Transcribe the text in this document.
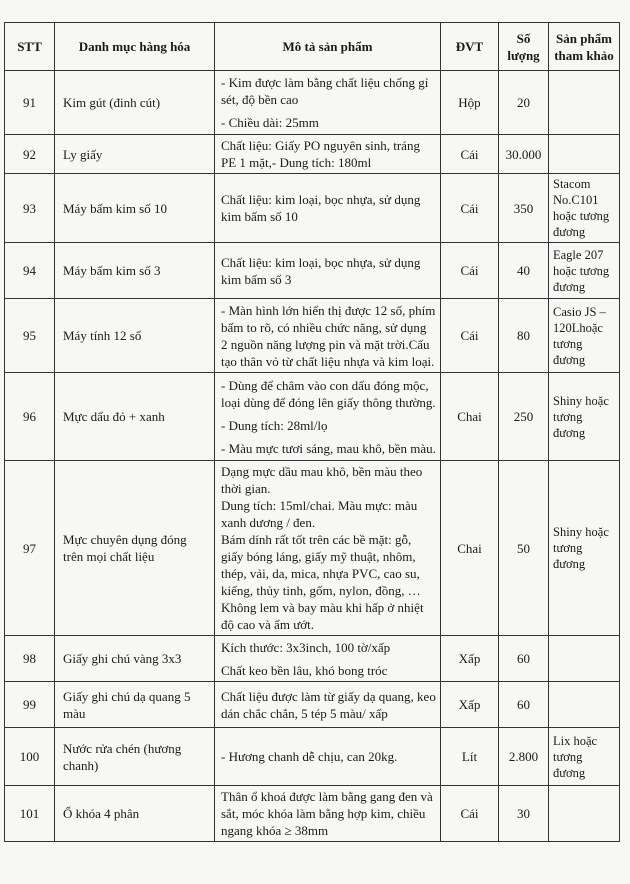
STT	Danh mục hàng hóa	Mô tả sản phẩm	ĐVT	Số
lượng	Sản phẩm
tham khảo

91	Kim gút (đinh cút)	- Kim được làm bằng chất liệu chống gỉ sét, độ bền cao
- Chiều dài: 25mm	Hộp	20	
92	Ly giấy	Chất liệu: Giấy PO nguyên sinh, tráng PE 1 mặt,- Dung tích: 180ml	Cái	30.000	
93	Máy bấm kim số 10	Chất liệu: kim loại, bọc nhựa, sử dụng kim bấm số 10	Cái	350	Stacom No.C101 hoặc tương đương
94	Máy bấm kim số 3	Chất liệu: kim loại, bọc nhựa, sử dụng kim bấm số 3	Cái	40	Eagle 207 hoặc tương đương
95	Máy tính 12 số	- Màn hình lớn hiển thị được 12 số, phím bấm to rõ, có nhiều chức năng, sử dụng 2 nguồn năng lượng pin và mặt trời.Cấu tạo thân vỏ từ chất liệu nhựa và kim loại.	Cái	80	Casio JS – 120Lhoặc tương đương
96	Mực dấu đỏ + xanh	- Dùng để châm vào con dấu đóng mộc, loại dùng để đóng lên giấy thông thường.
- Dung tích: 28ml/lọ
- Màu mực tươi sáng, mau khô, bền màu.	Chai	250	Shiny hoặc tương đương
97	Mực chuyên dụng đóng trên mọi chất liệu	Dạng mực dầu mau khô, bền màu theo thời gian.
Dung tích: 15ml/chai. Màu mực: màu xanh dương / đen.
Bám dính rất tốt trên các bề mặt: gỗ, giấy bóng láng, giấy mỹ thuật, nhôm, thép, vải, da, mica, nhựa PVC, cao su, kiếng, thủy tinh, gốm, nylon, đồng, …
Không lem và bay màu khi hấp ở nhiệt độ cao và ẩm ướt.	Chai	50	Shiny hoặc tương đương
98	Giấy ghi chú vàng 3x3	Kích thước: 3x3inch, 100 tờ/xấp
Chất keo bền lâu, khó bong tróc	Xấp	60	
99	Giấy ghi chú dạ quang 5 màu	Chất liệu được làm từ giấy dạ quang, keo dán chắc chắn, 5 tép 5 màu/ xấp	Xấp	60	
100	Nước rửa chén (hương chanh)	- Hương chanh dễ chịu, can 20kg.	Lít	2.800	Lix hoặc tương đương
101	Ổ khóa 4 phân	Thân ổ khoá được làm bằng gang đen và sắt, móc khóa làm bằng hợp kim, chiều ngang khóa ≥ 38mm	Cái	30	
